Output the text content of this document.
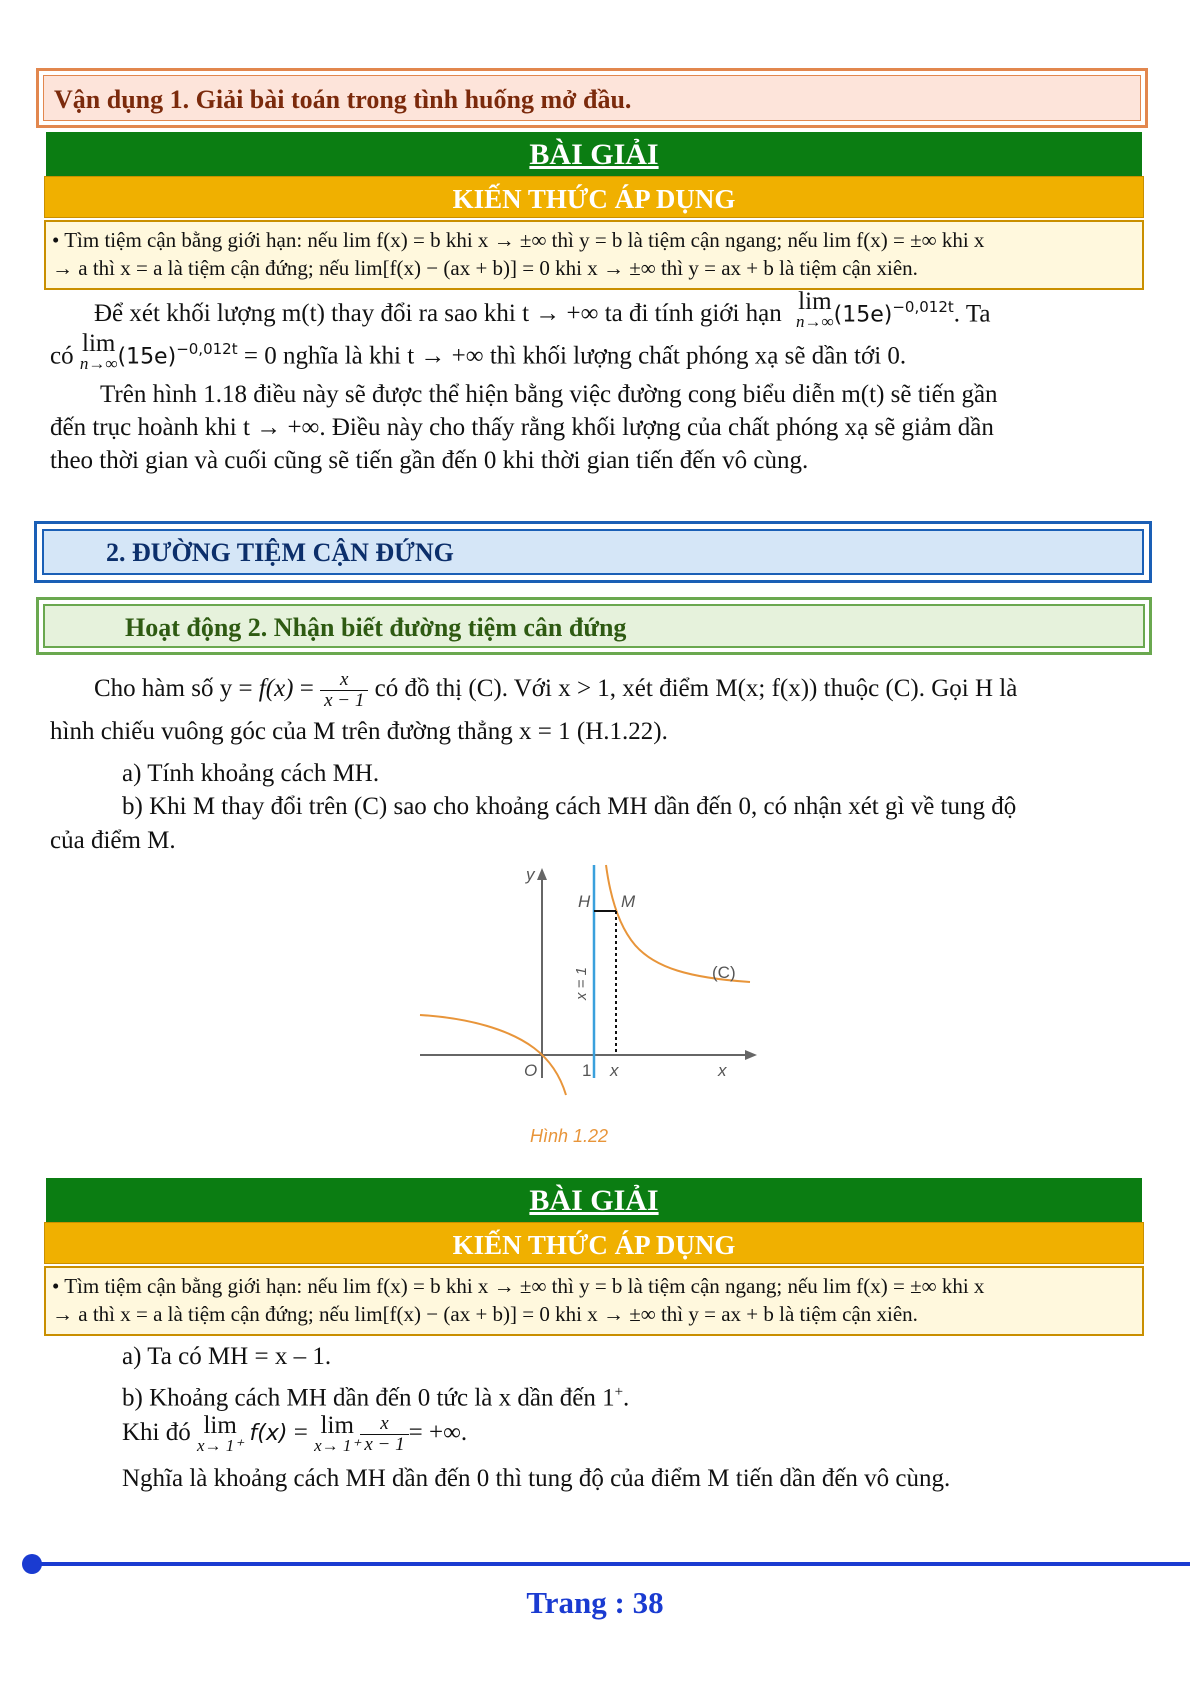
Vận dụng 1. Giải bài toán trong tình huống mở đầu.
BÀI GIẢI
KIẾN THỨC ÁP DỤNG
• Tìm tiệm cận bằng giới hạn: nếu lim f(x) = b khi x → ±∞ thì y = b là tiệm cận ngang; nếu lim f(x) = ±∞ khi x
→ a thì x = a là tiệm cận đứng; nếu lim[f(x) − (ax + b)] = 0 khi x → ±∞ thì y = ax + b là tiệm cận xiên.
Để xét khối lượng m(t) thay đổi ra sao khi t → +∞ ta đi tính giới hạn lim
n→∞ $(15e)^{-0,012t}$. Ta
có lim
n→∞ $(15e)^{-0,012t} = 0$ nghĩa là khi t → +∞ thì khối lượng chất phóng xạ sẽ dần tới 0.
Trên hình 1.18 điều này sẽ được thể hiện bằng việc đường cong biểu diễn m(t) sẽ tiến gần
đến trục hoành khi t → +∞. Điều này cho thấy rằng khối lượng của chất phóng xạ sẽ giảm dần
theo thời gian và cuối cũng sẽ tiến gần đến 0 khi thời gian tiến đến vô cùng.
2. ĐƯỜNG TIỆM CẬN ĐỨNG
Hoạt động 2. Nhận biết đường tiệm cân đứng
Cho hàm số $y = f(x) = \frac{x}{x - 1}$ có đồ thị (C). Với x > 1, xét điểm M(x; f(x)) thuộc (C). Gọi H là
hình chiếu vuông góc của M trên đường thẳng x = 1 (H.1.22).
a) Tính khoảng cách MH.
b) Khi M thay đổi trên (C) sao cho khoảng cách MH dần đến 0, có nhận xét gì về tung độ
của điểm M.
y
H M
(C)
x = 1
O	1 x	x
Hình 1.22
BÀI GIẢI
KIẾN THỨC ÁP DỤNG
• Tìm tiệm cận bằng giới hạn: nếu lim f(x) = b khi x → ±∞ thì y = b là tiệm cận ngang; nếu lim f(x) = ±∞ khi x
→ a thì x = a là tiệm cận đứng; nếu lim[f(x) − (ax + b)] = 0 khi x → ±∞ thì y = ax + b là tiệm cận xiên.
a) Ta có MH = x – 1.
b) Khoảng cách MH dần đến 0 tức là x dần đến 1+.
Khi đó lim
x→ 1⁺ f(x) = lim
$x\to 1^+ \frac{x}{x - 1}$ = +∞.
Nghĩa là khoảng cách MH dần đến 0 thì tung độ của điểm M tiến dần đến vô cùng.
Trang : 38
